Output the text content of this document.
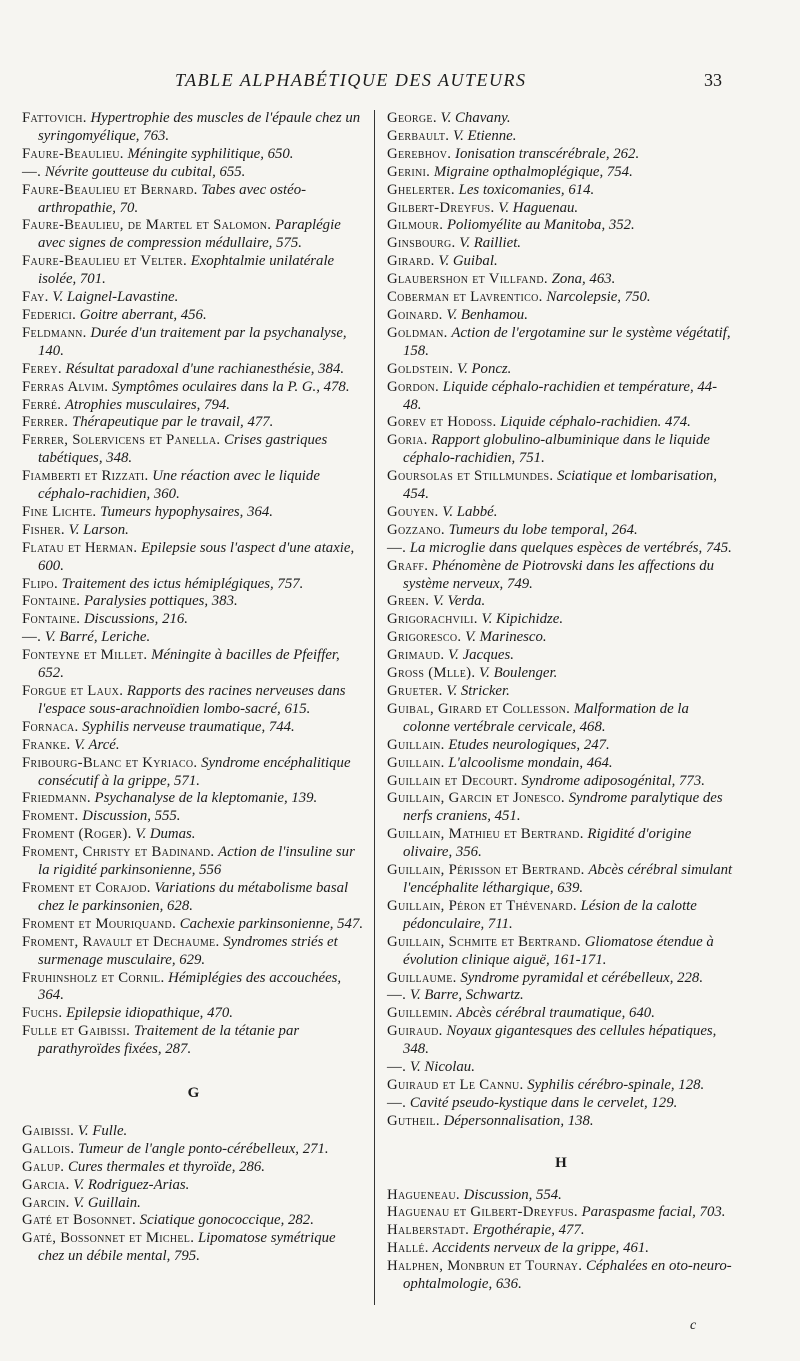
TABLE ALPHABÉTIQUE DES AUTEURS	33

Fattovich. Hypertrophie des muscles de l'épaule chez un syringomyélique, 763.

Faure-Beaulieu. Méningite syphilitique, 650.

—. Névrite goutteuse du cubital, 655.

Faure-Beaulieu et Bernard. Tabes avec ostéo-arthropathie, 70.

Faure-Beaulieu, de Martel et Salomon. Paraplégie avec signes de compression médullaire, 575.

Faure-Beaulieu et Velter. Exophtalmie unilatérale isolée, 701.

Fay. V. Laignel-Lavastine.

Federici. Goitre aberrant, 456.

Feldmann. Durée d'un traitement par la psychanalyse, 140.

Ferey. Résultat paradoxal d'une rachianesthésie, 384.

Ferras Alvim. Symptômes oculaires dans la P. G., 478.

Ferré. Atrophies musculaires, 794.

Ferrer. Thérapeutique par le travail, 477.

Ferrer, Solervicens et Panella. Crises gastriques tabétiques, 348.

Fiamberti et Rizzati. Une réaction avec le liquide céphalo-rachidien, 360.

Fine Lichte. Tumeurs hypophysaires, 364.

Fisher. V. Larson.

Flatau et Herman. Epilepsie sous l'aspect d'une ataxie, 600.

Flipo. Traitement des ictus hémiplégiques, 757.

Fontaine. Paralysies pottiques, 383.

Fontaine. Discussions, 216.

—. V. Barré, Leriche.

Fonteyne et Millet. Méningite à bacilles de Pfeiffer, 652.

Forgue et Laux. Rapports des racines nerveuses dans l'espace sous-arachnoïdien lombo-sacré, 615.

Fornaca. Syphilis nerveuse traumatique, 744.

Franke. V. Arcé.

Fribourg-Blanc et Kyriaco. Syndrome encéphalitique consécutif à la grippe, 571.

Friedmann. Psychanalyse de la kleptomanie, 139.

Froment. Discussion, 555.

Froment (Roger). V. Dumas.

Froment, Christy et Badinand. Action de l'insuline sur la rigidité parkinsonienne, 556

Froment et Corajod. Variations du métabolisme basal chez le parkinsonien, 628.

Froment et Mouriquand. Cachexie parkinsonienne, 547.

Froment, Ravault et Dechaume. Syndromes striés et surmenage musculaire, 629.

Fruhinsholz et Cornil. Hémiplégies des accouchées, 364.

Fuchs. Epilepsie idiopathique, 470.

Fulle et Gaibissi. Traitement de la tétanie par parathyroïdes fixées, 287.

G

Gaibissi. V. Fulle.

Gallois. Tumeur de l'angle ponto-cérébelleux, 271.

Galup. Cures thermales et thyroïde, 286.

Garcia. V. Rodriguez-Arias.

Garcin. V. Guillain.

Gaté et Bosonnet. Sciatique gonococcique, 282.

Gaté, Bossonnet et Michel. Lipomatose symétrique chez un débile mental, 795.

George. V. Chavany.

Gerbault. V. Etienne.

Gerebhov. Ionisation transcérébrale, 262.

Gerini. Migraine opthalmoplégique, 754.

Ghelerter. Les toxicomanies, 614.

Gilbert-Dreyfus. V. Haguenau.

Gilmour. Poliomyélite au Manitoba, 352.

Ginsbourg. V. Railliet.

Girard. V. Guibal.

Glaubershon et Villfand. Zona, 463.

Coberman et Lavrentico. Narcolepsie, 750.

Goinard. V. Benhamou.

Goldman. Action de l'ergotamine sur le système végétatif, 158.

Goldstein. V. Poncz.

Gordon. Liquide céphalo-rachidien et température, 44-48.

Gorev et Hodoss. Liquide céphalo-rachidien. 474.

Goria. Rapport globulino-albuminique dans le liquide céphalo-rachidien, 751.

Goursolas et Stillmundes. Sciatique et lombarisation, 454.

Gouyen. V. Labbé.

Gozzano. Tumeurs du lobe temporal, 264.

—. La microglie dans quelques espèces de vertébrés, 745.

Graff. Phénomène de Piotrovski dans les affections du système nerveux, 749.

Green. V. Verda.

Grigorachvili. V. Kipichidze.

Grigoresco. V. Marinesco.

Grimaud. V. Jacques.

Gross (Mlle). V. Boulenger.

Grueter. V. Stricker.

Guibal, Girard et Collesson. Malformation de la colonne vertébrale cervicale, 468.

Guillain. Etudes neurologiques, 247.

Guillain. L'alcoolisme mondain, 464.

Guillain et Decourt. Syndrome adiposogénital, 773.

Guillain, Garcin et Jonesco. Syndrome paralytique des nerfs craniens, 451.

Guillain, Mathieu et Bertrand. Rigidité d'origine olivaire, 356.

Guillain, Périsson et Bertrand. Abcès cérébral simulant l'encéphalite léthargique, 639.

Guillain, Péron et Thévenard. Lésion de la calotte pédonculaire, 711.

Guillain, Schmite et Bertrand. Gliomatose étendue à évolution clinique aiguë, 161-171.

Guillaume. Syndrome pyramidal et cérébelleux, 228.

—. V. Barre, Schwartz.

Guillemin. Abcès cérébral traumatique, 640.

Guiraud. Noyaux gigantesques des cellules hépatiques, 348.

—. V. Nicolau.

Guiraud et Le Cannu. Syphilis cérébro-spinale, 128.

—. Cavité pseudo-kystique dans le cervelet, 129.

Gutheil. Dépersonnalisation, 138.

H

Hagueneau. Discussion, 554.

Haguenau et Gilbert-Dreyfus. Paraspasme facial, 703.

Halberstadt. Ergothérapie, 477.

Hallé. Accidents nerveux de la grippe, 461.

Halphen, Monbrun et Tournay. Céphalées en oto-neuro-ophtalmologie, 636.

c
